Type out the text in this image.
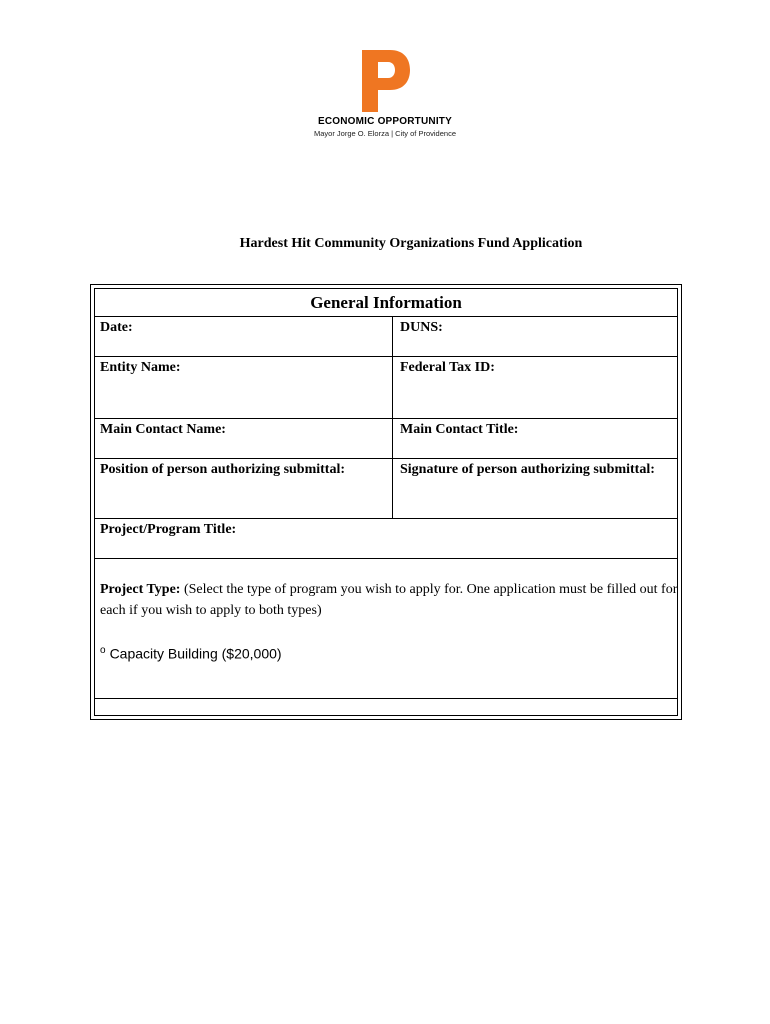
ECONOMIC OPPORTUNITY
Mayor Jorge O. Elorza | City of Providence
Hardest Hit Community Organizations Fund Application
General Information
Date:	DUNS:
Entity Name:	Federal Tax ID:
Main Contact Name:	Main Contact Title:
Position of person authorizing submittal:	Signature of person authorizing submittal:
Project/Program Title:
Project Type: (Select the type of program you wish to apply for. One application must be filled out for each if you wish to apply to both types)
$^o$ Capacity Building ($20,000)
